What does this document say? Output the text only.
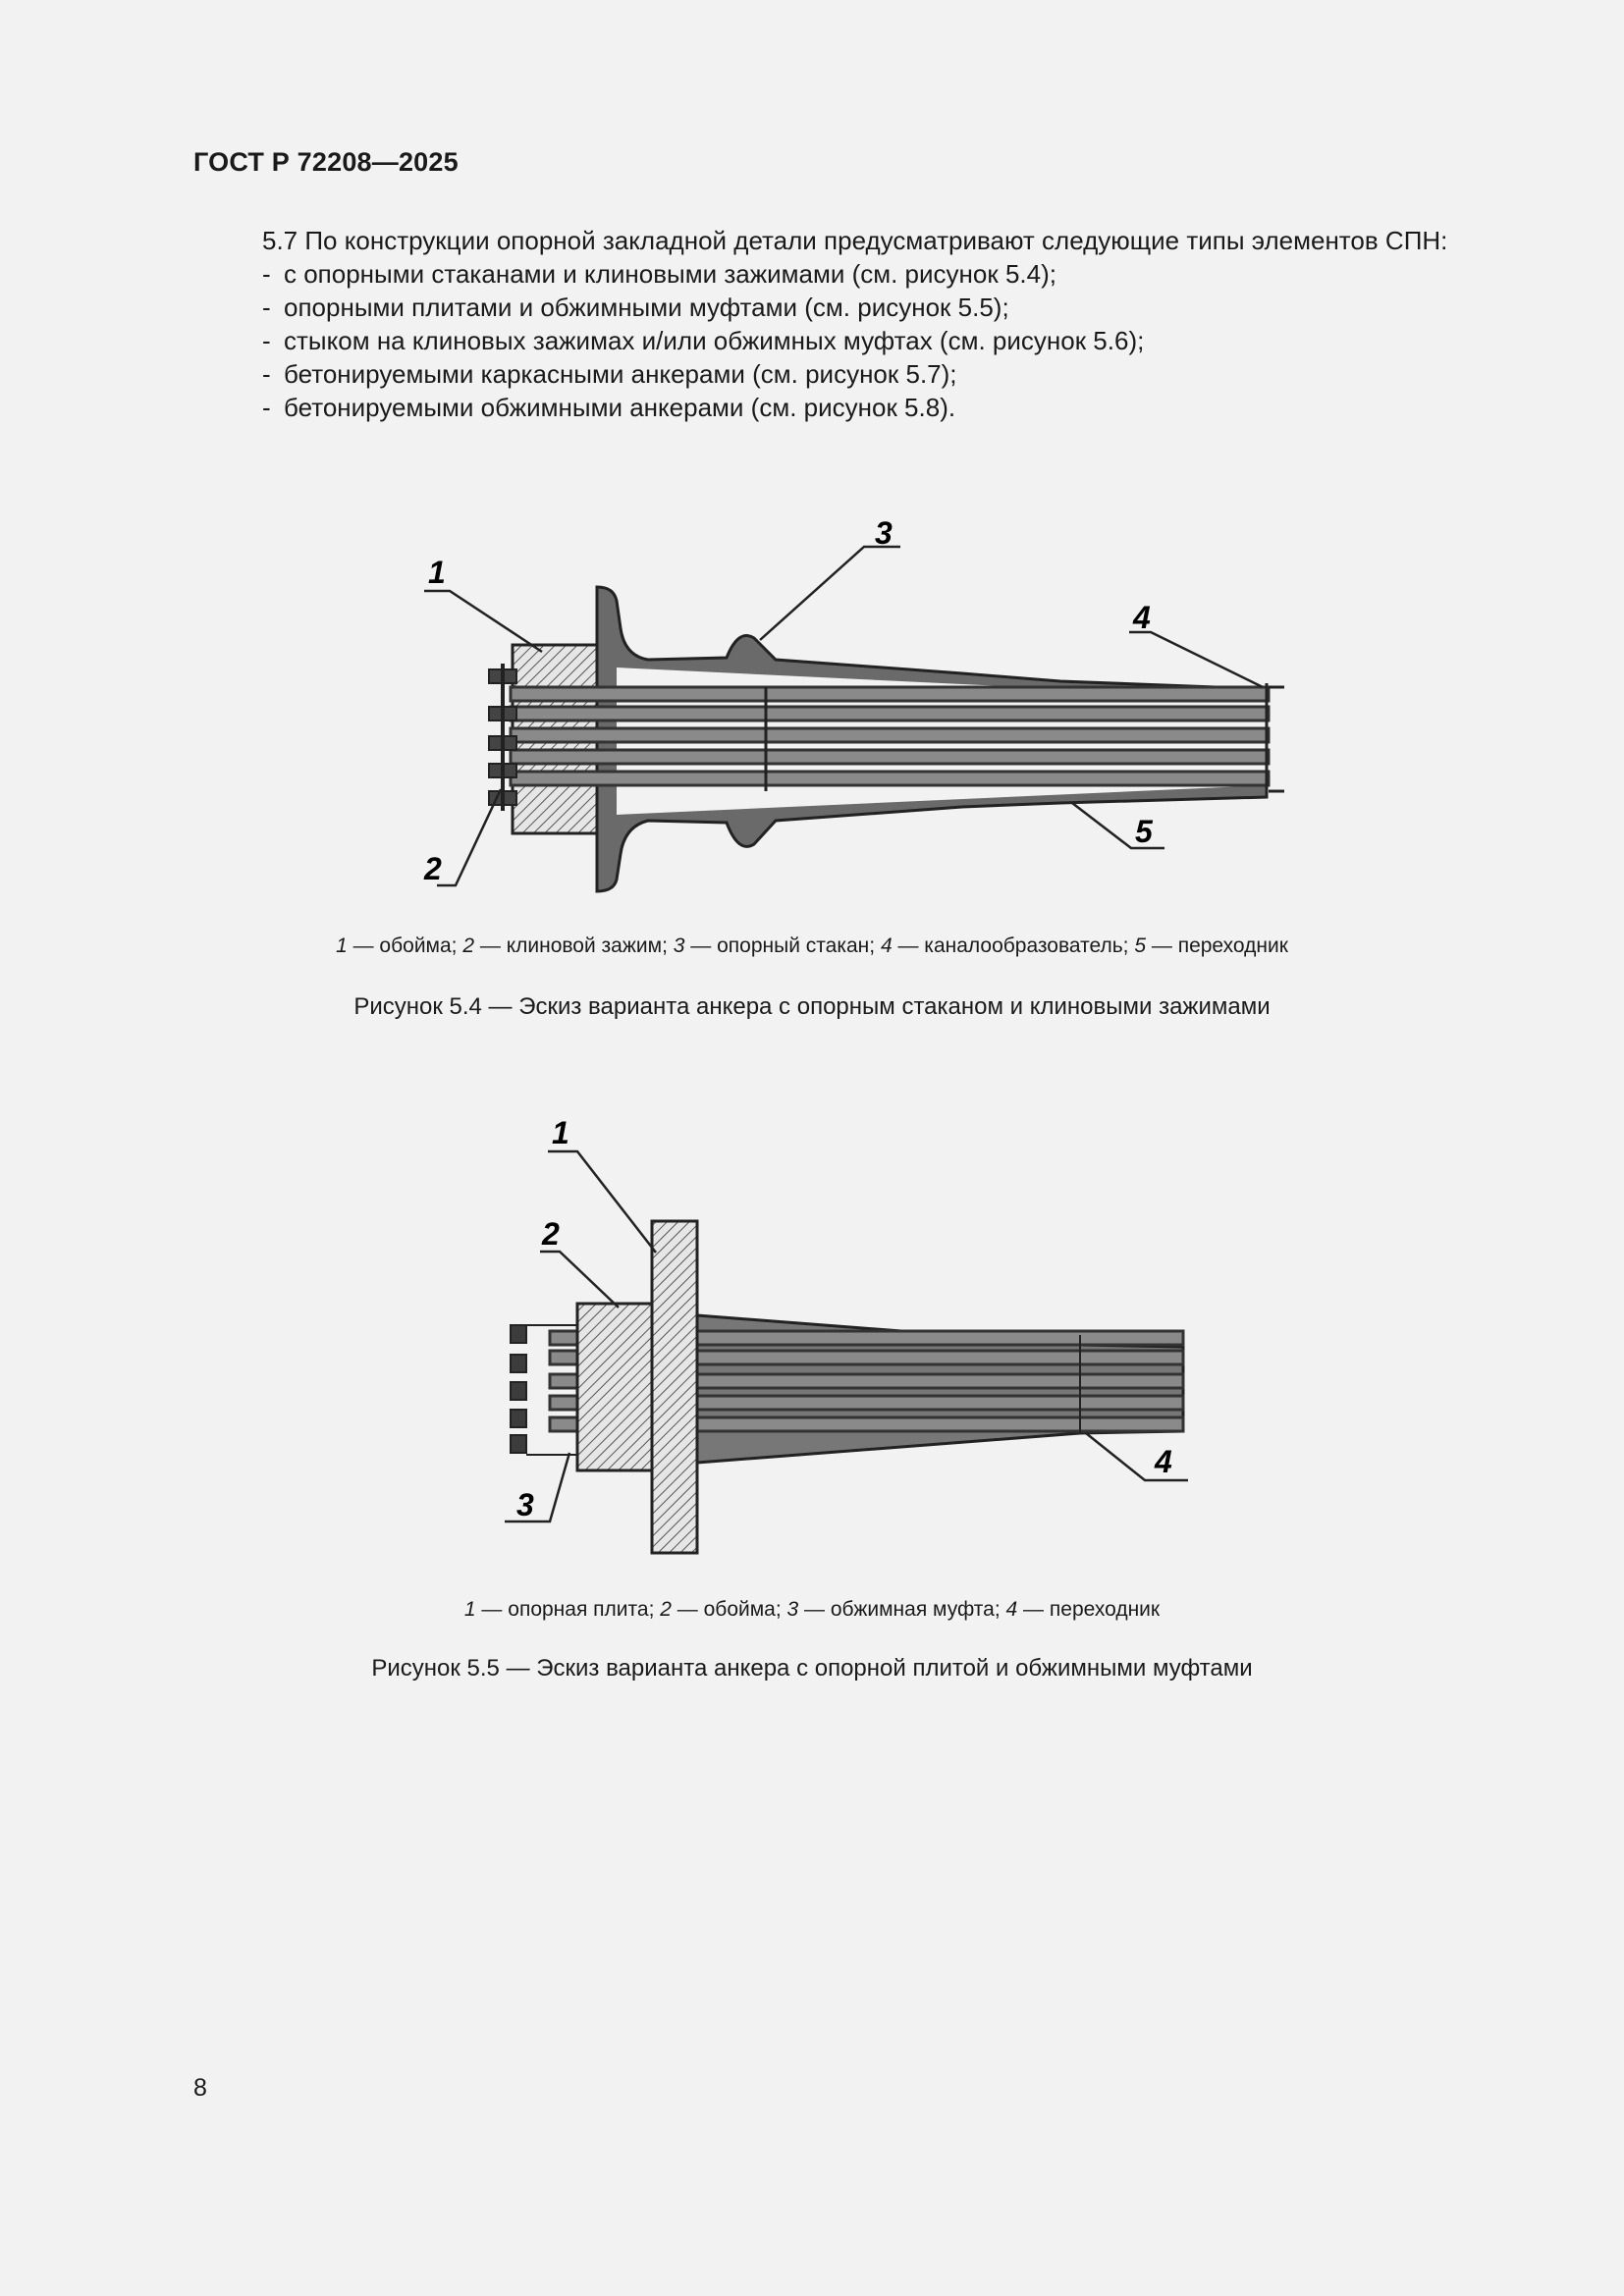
ГОСТ Р 72208—2025

5.7 По конструкции опорной закладной детали предусматривают следующие типы элементов СПН:

- с опорными стаканами и клиновыми зажимами (см. рисунок 5.4);
- опорными плитами и обжимными муфтами (см. рисунок 5.5);
- стыком на клиновых зажимах и/или обжимных муфтах (см. рисунок 5.6);
- бетонируемыми каркасными анкерами (см. рисунок 5.7);
- бетонируемыми обжимными анкерами (см. рисунок 5.8).
1
2
3
4
5
1 — обойма; 2 — клиновой зажим; 3 — опорный стакан; 4 — каналообразователь; 5 — переходник
Рисунок 5.4 — Эскиз варианта анкера с опорным стаканом и клиновыми зажимами
1
2
3
4
1 — опорная плита; 2 — обойма; 3 — обжимная муфта; 4 — переходник
Рисунок 5.5 — Эскиз варианта анкера с опорной плитой и обжимными муфтами
8
